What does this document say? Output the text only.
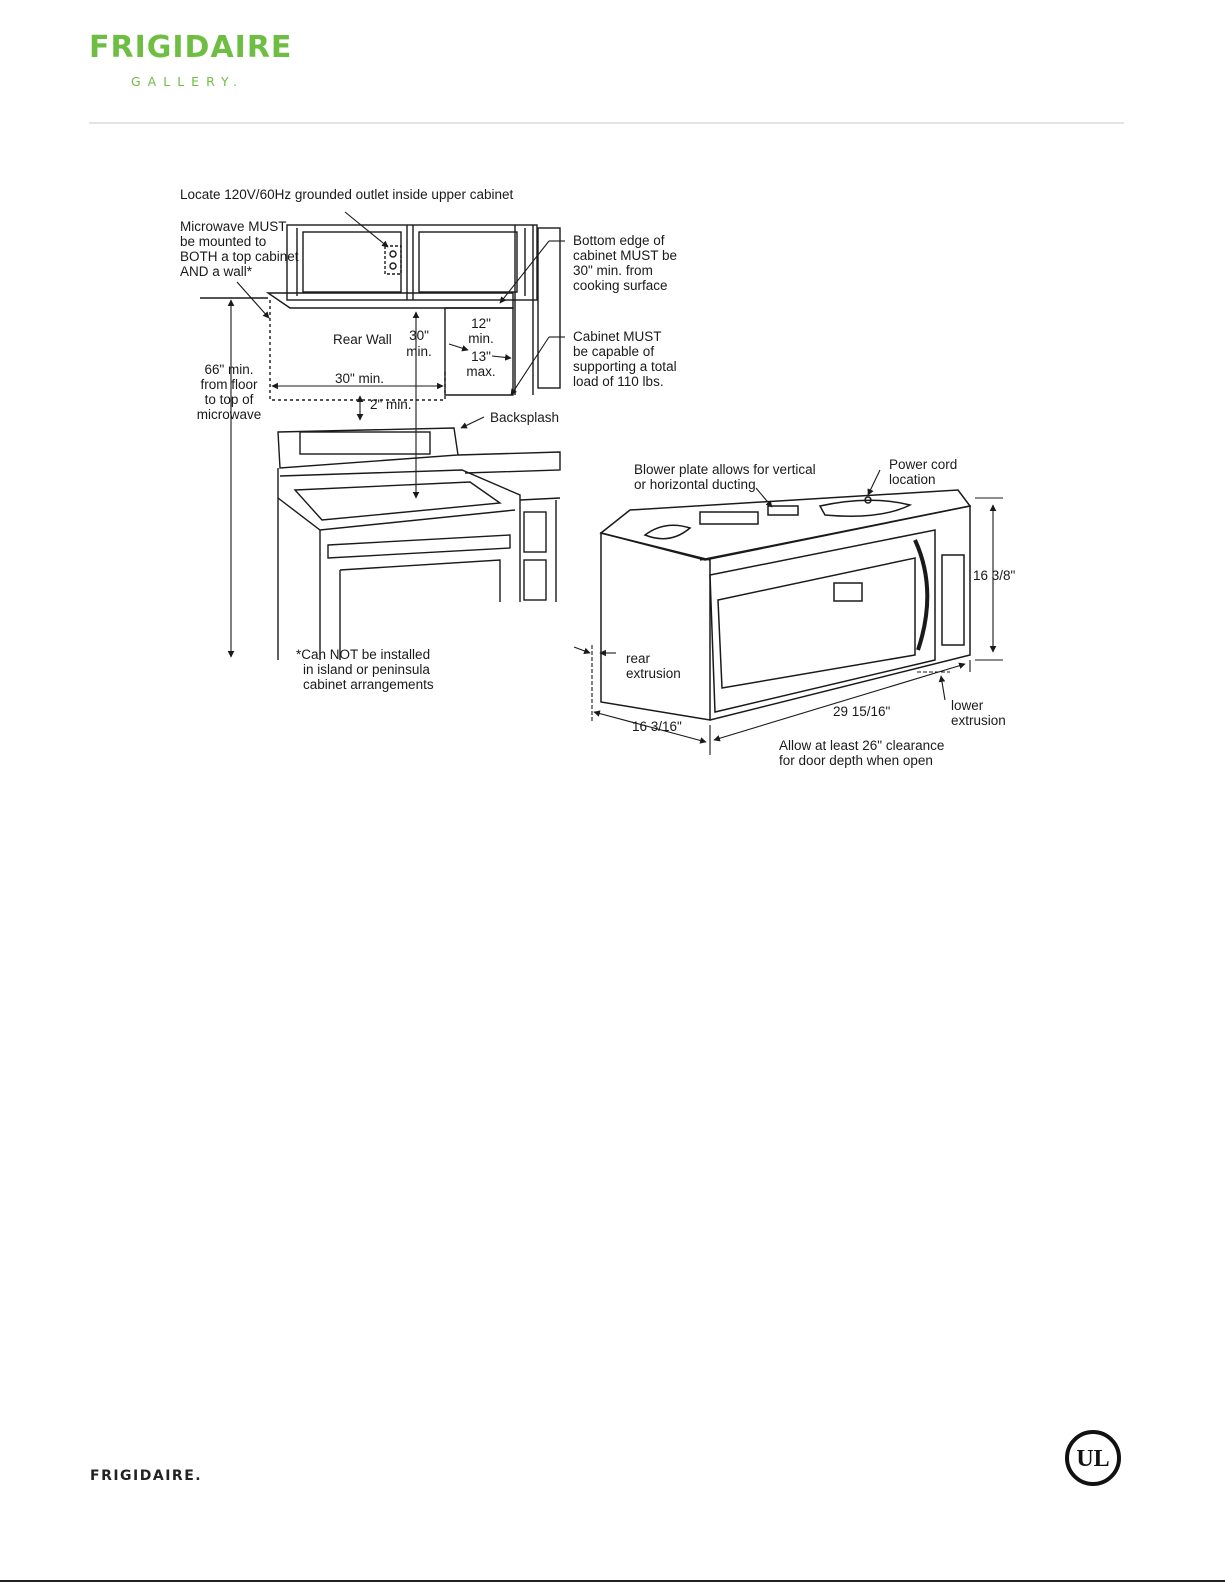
FRIGIDAIRE
GALLERY.
Locate 120V/60Hz grounded outlet inside upper cabinet
Microwave MUST
be mounted to
BOTH a top cabinet
AND a wall*
Bottom edge of
cabinet MUST be
30" min. from
cooking surface
Cabinet MUST
be capable of
supporting a total
load of 110 lbs.
Rear Wall 30"
min.
12"
min.
13"
max.
66" min.
from floor
to top of
microwave
30" min.
2" min.
Backsplash
*Can NOT be installed
in island or peninsula
cabinet arrangements
Blower plate allows for vertical
or horizontal ducting
Power cord
location
16 3/8"
29 15/16"
16 3/16"
rear
extrusion
lower
extrusion
Allow at least 26" clearance
for door depth when open
FRIGIDAIRE.
UL
